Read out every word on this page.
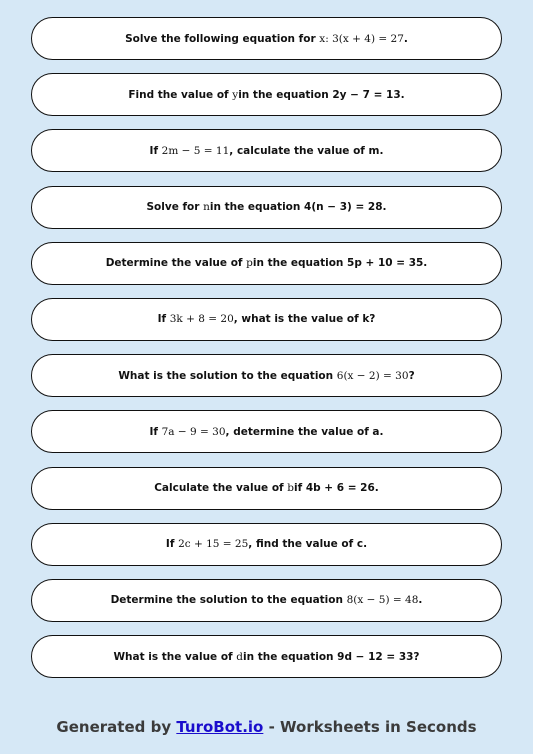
Solve the following equation for
x: 3(x + 4) = 27 .
Find the value of
y in the equation 2y − 7 = 13.
If
2m − 5 = 11 , calculate the value of m.
Solve for
n in the equation 4(n − 3) = 28.
Determine the value of
p in the equation 5p + 10 = 35.
If
3k + 8 = 20 , what is the value of k?
What is the solution to the equation
6(x − 2) = 30 ?
If
7a − 9 = 30 , determine the value of a.
Calculate the value of
b if 4b + 6 = 26.
If
2c + 15 = 25 , find the value of c.
Determine the solution to the equation
8(x − 5) = 48 .
What is the value of
d in the equation 9d − 12 = 33?
Generated by TuroBot.io - Worksheets in Seconds
